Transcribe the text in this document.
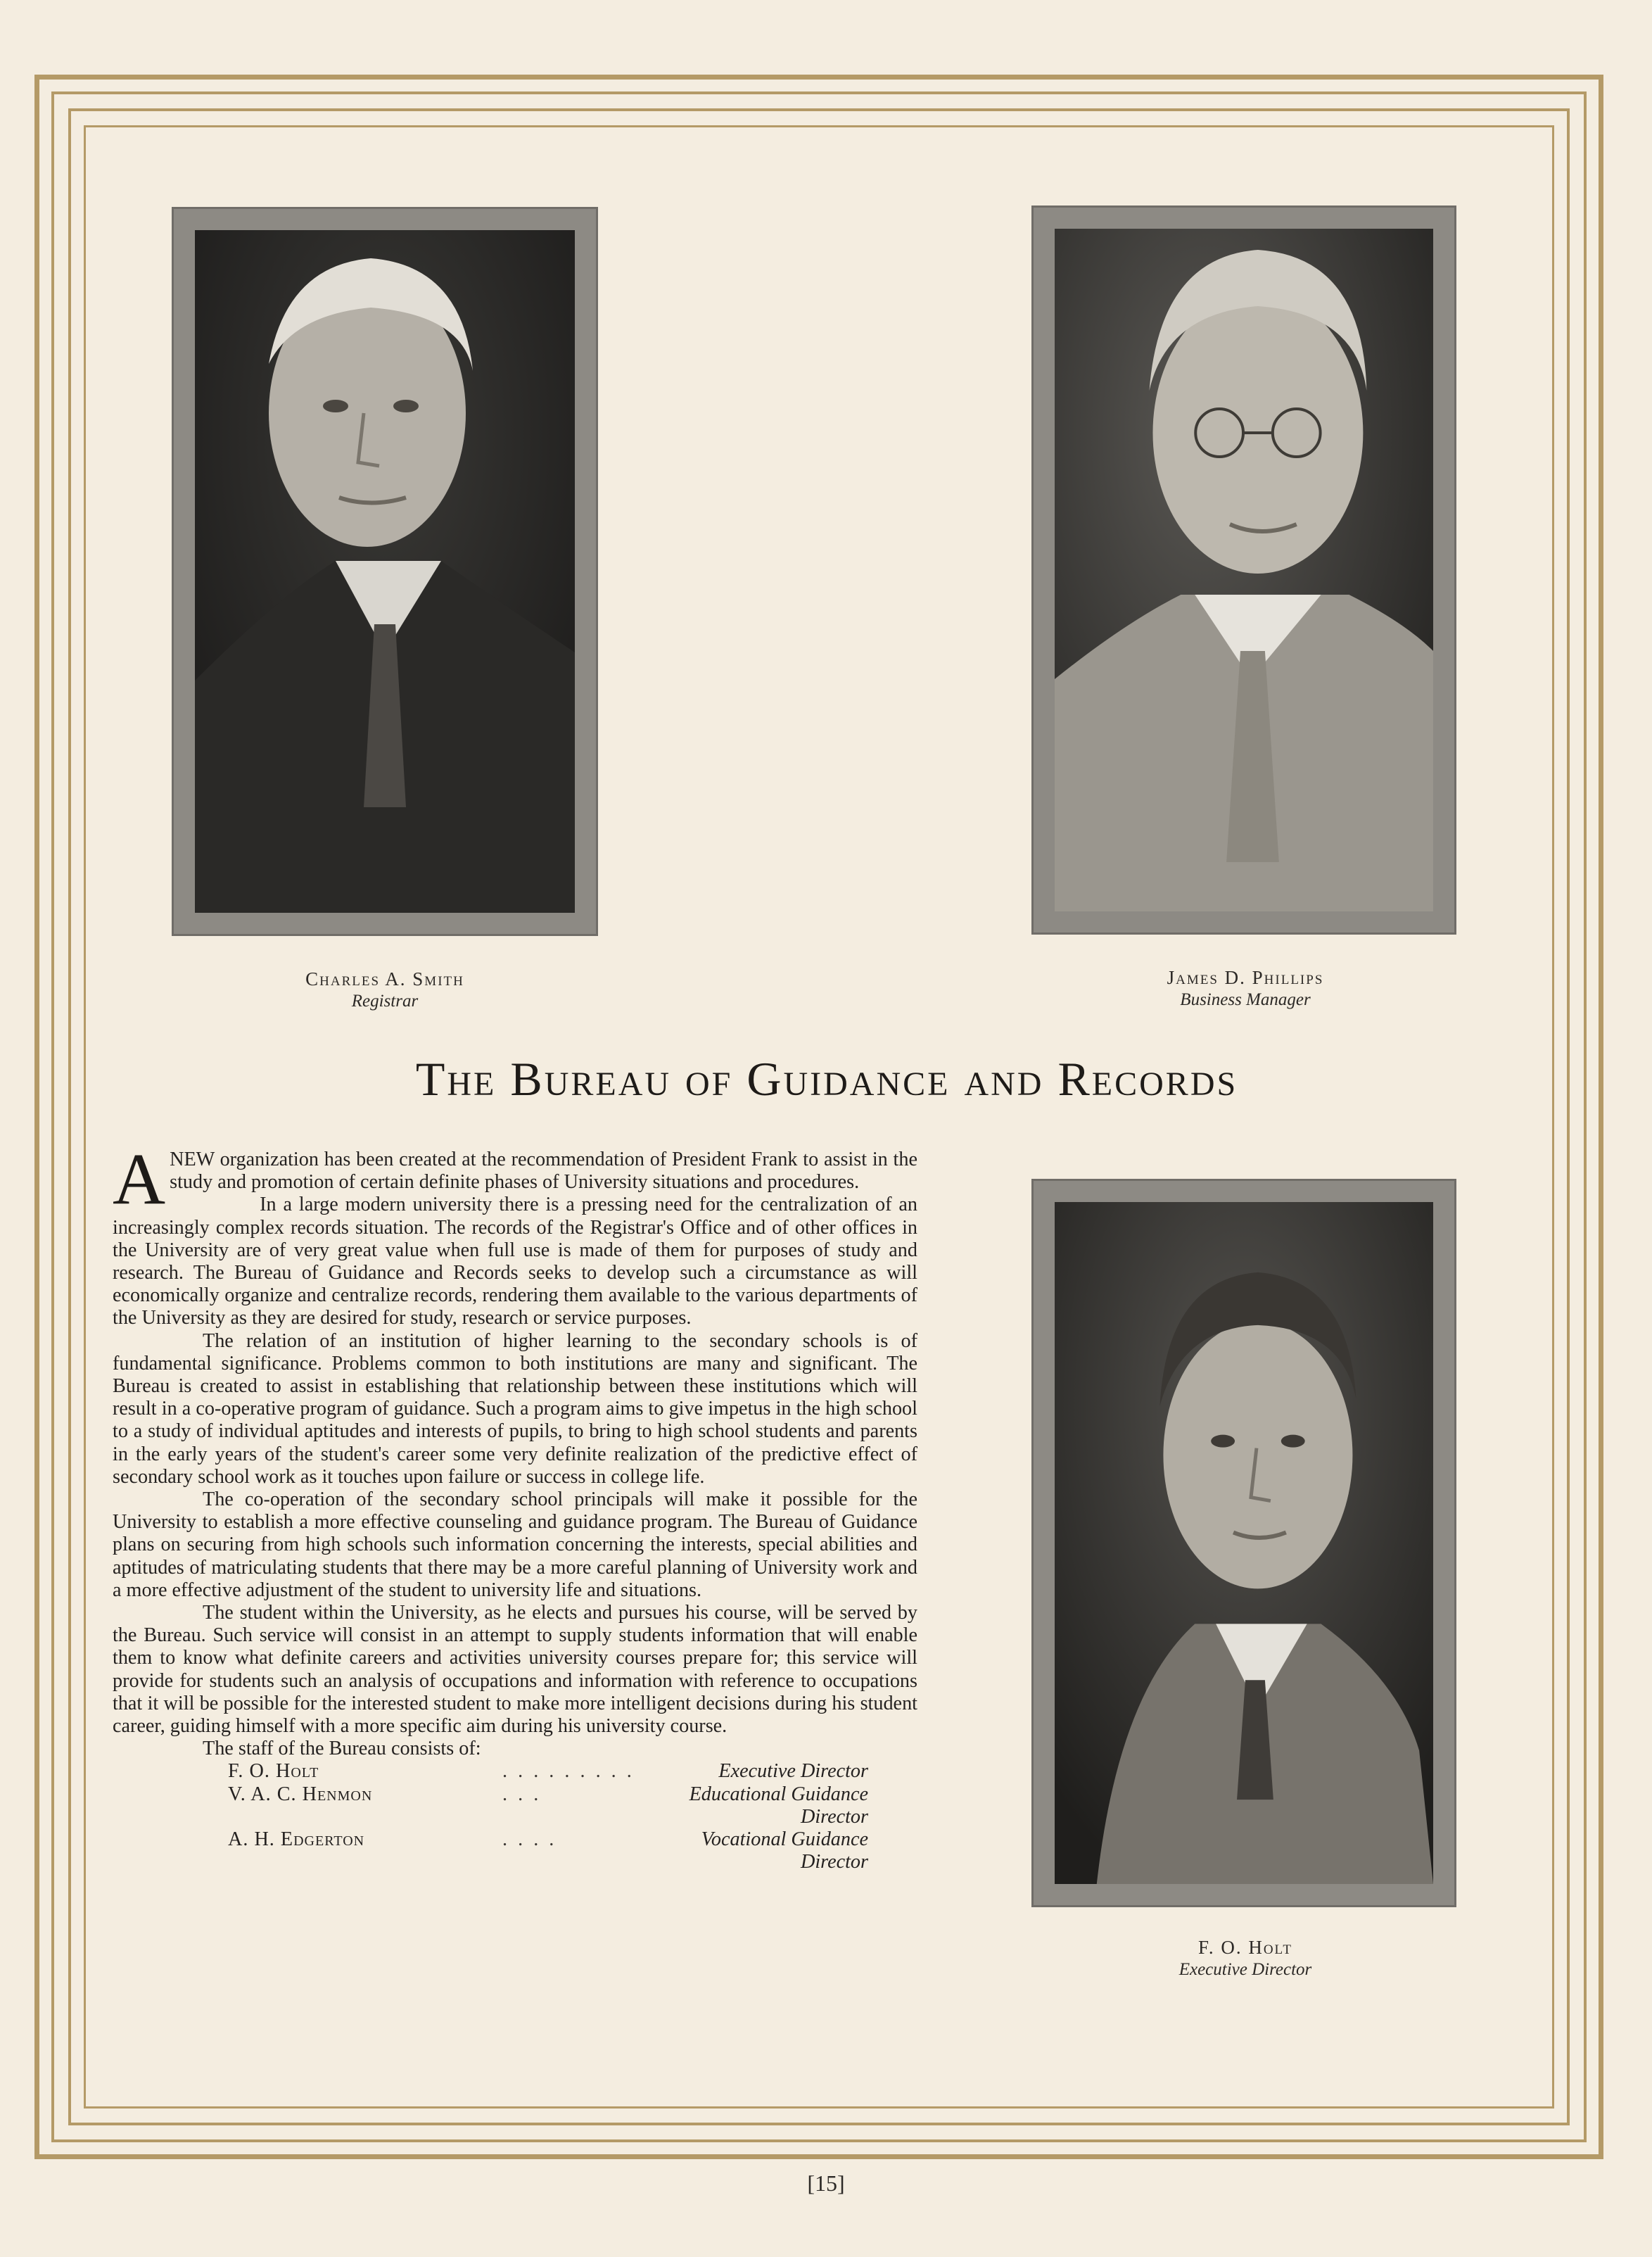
Charles A. Smith
Registrar
James D. Phillips
Business Manager
The Bureau of Guidance and Records

A NEW organization has been created at the recommendation of President Frank to assist in the study and promotion of certain definite phases of University situations and procedures.

In a large modern university there is a pressing need for the centralization of an increasingly complex records situation. The records of the Registrar's Office and of other offices in the University are of very great value when full use is made of them for purposes of study and research. The Bureau of Guidance and Records seeks to develop such a circumstance as will economically organize and centralize records, rendering them available to the various departments of the University as they are desired for study, research or service purposes.

The relation of an institution of higher learning to the secondary schools is of fundamental significance. Problems common to both institutions are many and significant. The Bureau is created to assist in establishing that relationship between these institutions which will result in a co-operative program of guidance. Such a program aims to give impetus in the high school to a study of individual aptitudes and interests of pupils, to bring to high school students and parents in the early years of the student's career some very definite realization of the predictive effect of secondary school work as it touches upon failure or success in college life.

The co-operation of the secondary school principals will make it possible for the University to establish a more effective counseling and guidance program. The Bureau of Guidance plans on securing from high schools such information concerning the interests, special abilities and aptitudes of matriculating students that there may be a more careful planning of University work and a more effective adjustment of the student to university life and situations.

The student within the University, as he elects and pursues his course, will be served by the Bureau. Such service will consist in an attempt to supply students information that will enable them to know what definite careers and activities university courses prepare for; this service will provide for students such an analysis of occupations and information with reference to occupations that it will be possible for the interested student to make more intelligent decisions during his student career, guiding himself with a more specific aim during his university course.

The staff of the Bureau consists of:

F. O. Holt	. . . . . . . . .	Executive Director
V. A. C. Henmon	. . .	Educational Guidance Director
A. H. Edgerton	. . . .	Vocational Guidance Director
F. O. Holt
Executive Director
[15]
